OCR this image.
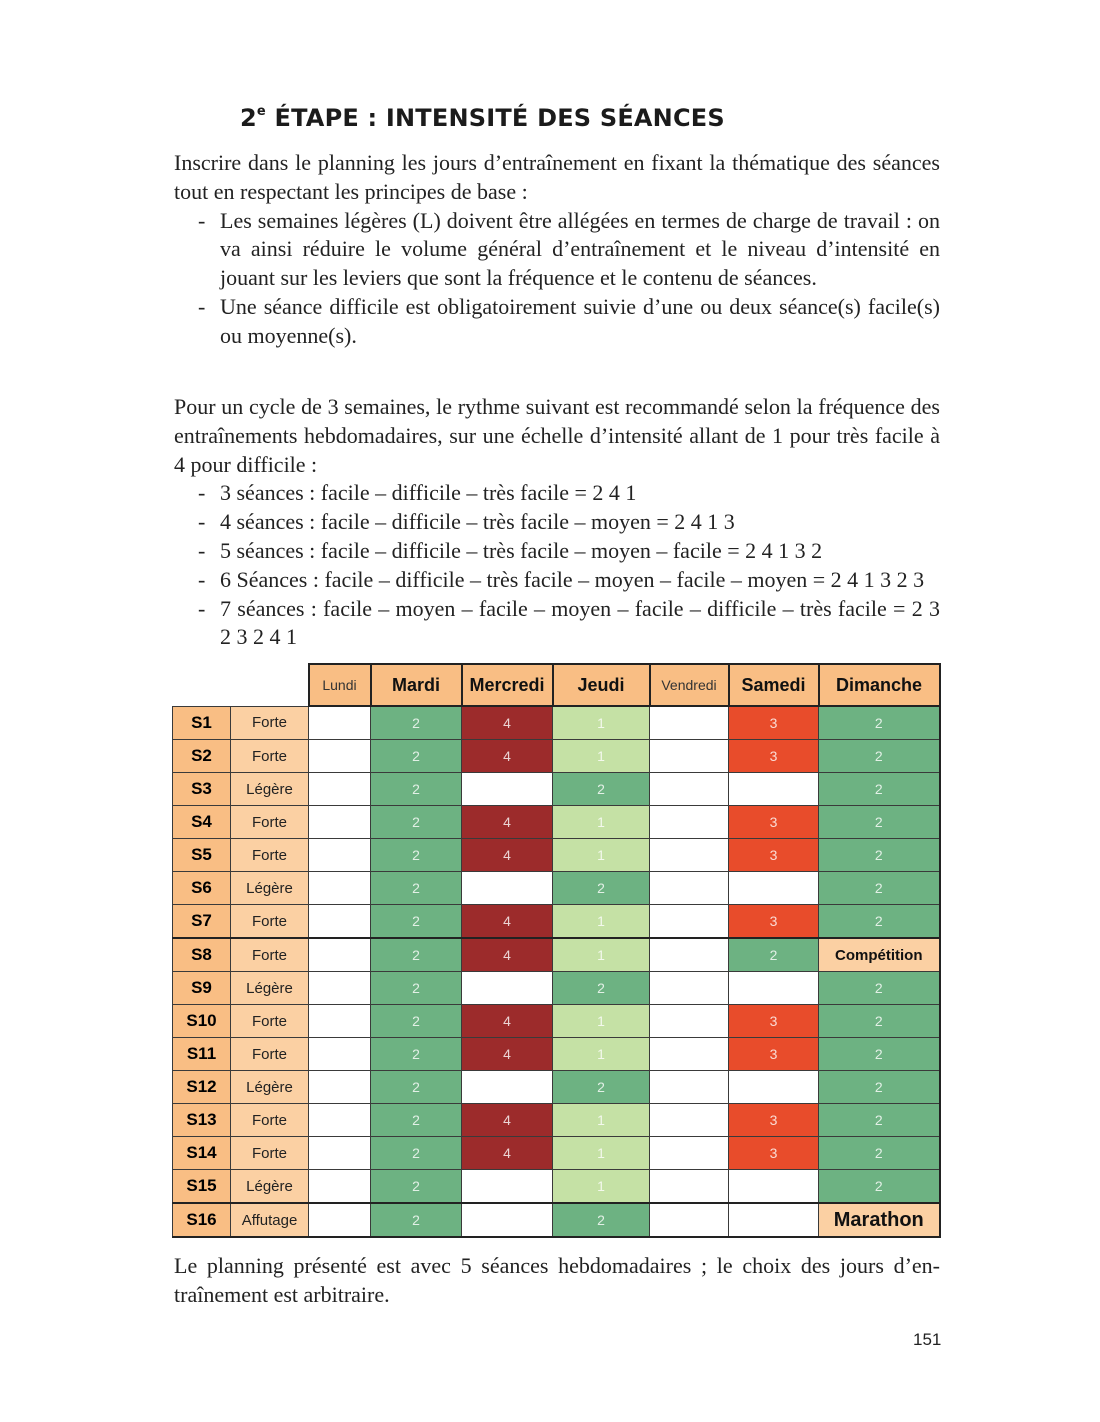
2e ÉTAPE : INTENSITÉ DES SÉANCES

Inscrire dans le planning les jours d’entraînement en fixant la thématique des séances tout en respectant les principes de base :

- Les semaines légères (L) doivent être allégées en termes de charge de travail : on va ainsi réduire le volume général d’entraînement et le niveau d’intensité en jouant sur les leviers que sont la fréquence et le contenu de séances.
- Une séance difficile est obligatoirement suivie d’une ou deux séance(s) facile(s) ou moyenne(s).

Pour un cycle de 3 semaines, le rythme suivant est recommandé selon la fréquence des entraînements hebdomadaires, sur une échelle d’intensité allant de 1 pour très facile à 4 pour difficile :

- 3 séances : facile – difficile – très facile = 2 4 1
- 4 séances : facile – difficile – très facile – moyen = 2 4 1 3
- 5 séances : facile – difficile – très facile – moyen – facile = 2 4 1 3 2
- 6 Séances : facile – difficile – très facile – moyen – facile – moyen = 2 4 1 3 2 3
- 7 séances : facile – moyen – facile – moyen – facile – difficile – très facile = 2 3 2 3 2 4 1
		Lundi	Mardi	Mercredi	Jeudi	Vendredi	Samedi	Dimanche
S1	Forte		2	4	1		3	2
S2	Forte		2	4	1		3	2
S3	Légère		2		2			2
S4	Forte		2	4	1		3	2
S5	Forte		2	4	1		3	2
S6	Légère		2		2			2
S7	Forte		2	4	1		3	2
S8	Forte		2	4	1		2	Compétition
S9	Légère		2		2			2
S10	Forte		2	4	1		3	2
S11	Forte		2	4	1		3	2
S12	Légère		2		2			2
S13	Forte		2	4	1		3	2
S14	Forte		2	4	1		3	2
S15	Légère		2		1			2
S16	Affutage		2		2			Marathon

Le planning présenté est avec 5 séances hebdomadaires ; le choix des jours d’entraînement est arbitraire.

151
